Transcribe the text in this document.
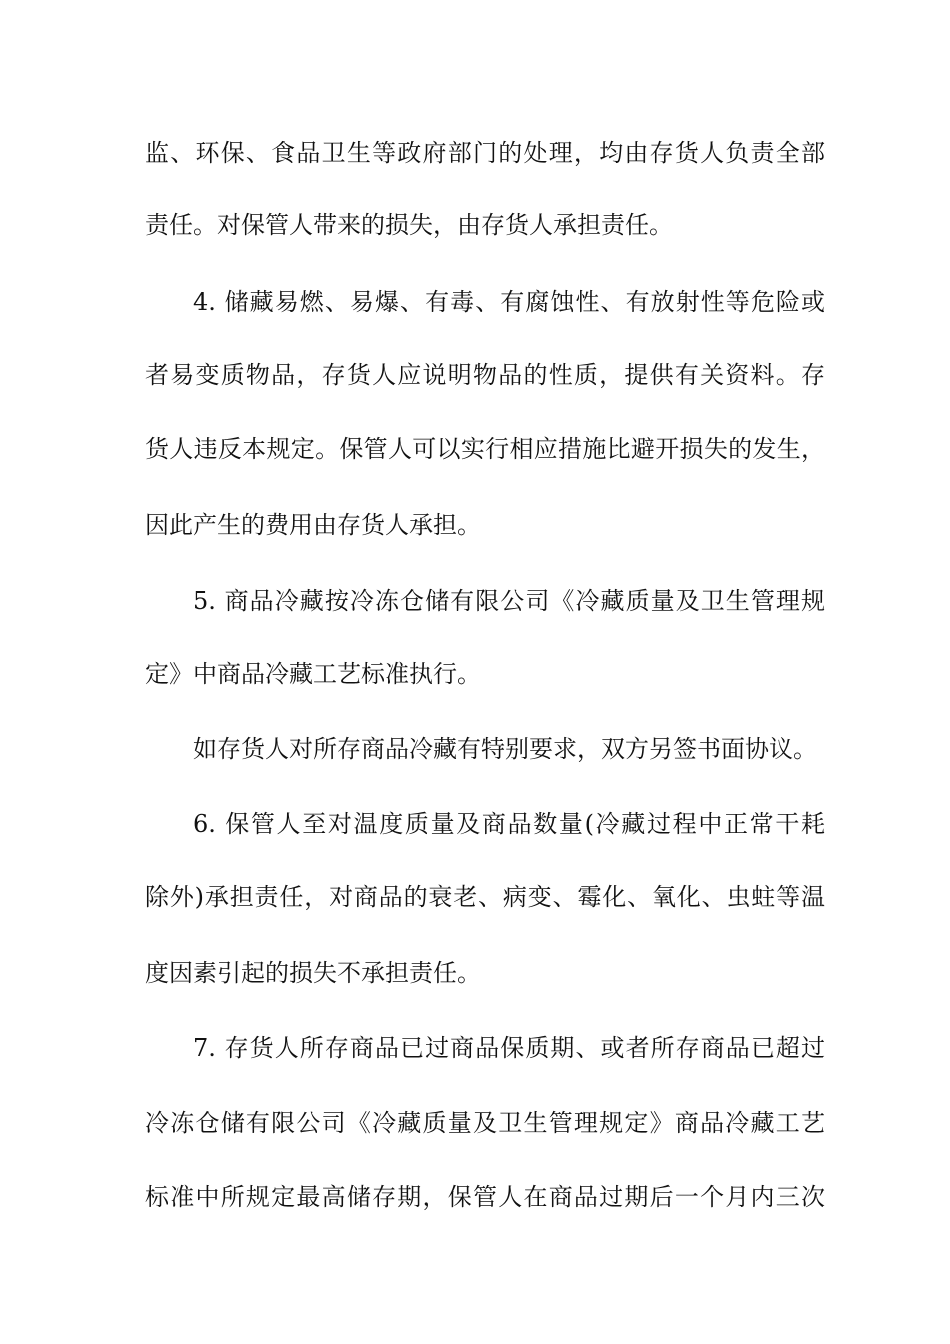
监、环保、食品卫生等政府部门的处理，均由存货人负责全部
责任。对保管人带来的损失，由存货人承担责任。
4. 储藏易燃、易爆、有毒、有腐蚀性、有放射性等危险或
者易变质物品，存货人应说明物品的性质，提供有关资料。存
货人违反本规定。保管人可以实行相应措施比避开损失的发生，
因此产生的费用由存货人承担。
5. 商品冷藏按冷冻仓储有限公司《冷藏质量及卫生管理规
定》中商品冷藏工艺标准执行。
如存货人对所存商品冷藏有特别要求，双方另签书面协议。
6. 保管人至对温度质量及商品数量(冷藏过程中正常干耗
除外)承担责任，对商品的衰老、病变、霉化、氧化、虫蛀等温
度因素引起的损失不承担责任。
7. 存货人所存商品已过商品保质期、或者所存商品已超过
冷冻仓储有限公司《冷藏质量及卫生管理规定》商品冷藏工艺
标准中所规定最高储存期，保管人在商品过期后一个月内三次
